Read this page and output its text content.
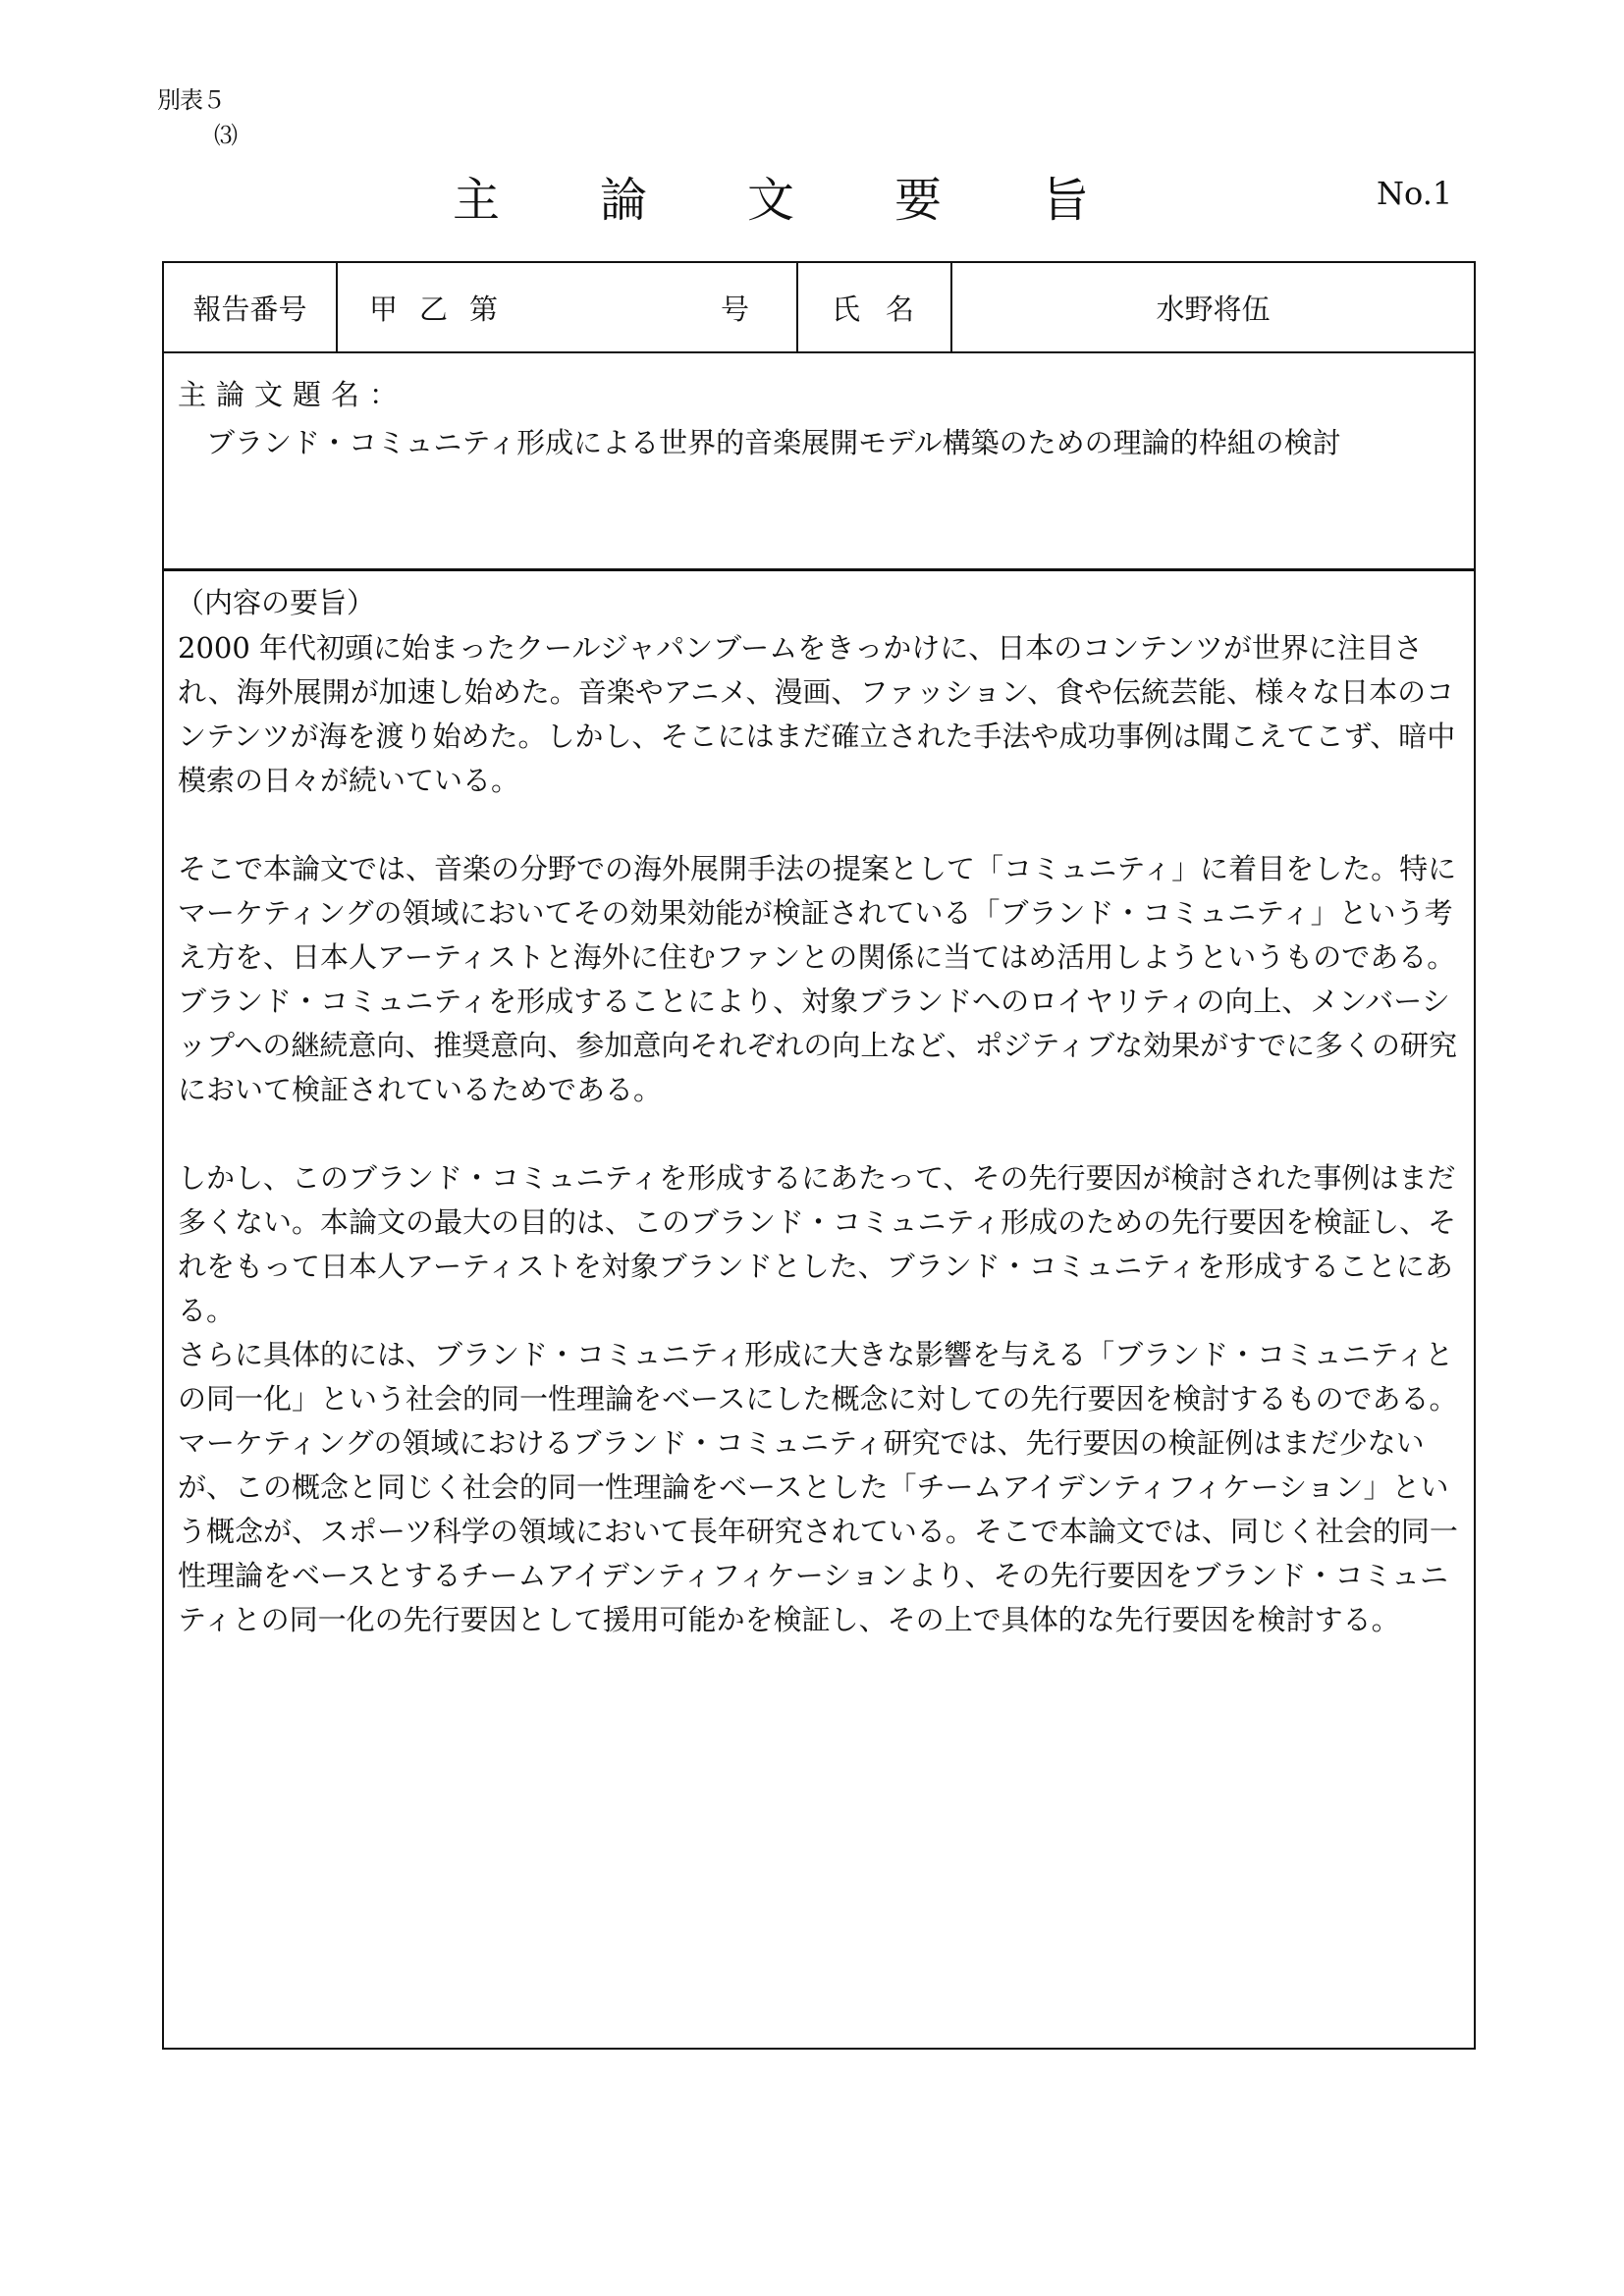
別表５
⑶
主 論 文 要 旨	No.1
報告番号	甲 乙 第	号	氏 名	水野将伍
主論文題名：
ブランド・コミュニティ形成による世界的音楽展開モデル構築のための理論的枠組の検討
（内容の要旨）

2000 年代初頭に始まったクールジャパンブームをきっかけに、日本のコンテンツが世界に注目され、海外展開が加速し始めた。音楽やアニメ、漫画、ファッション、食や伝統芸能、様々な日本のコンテンツが海を渡り始めた。しかし、そこにはまだ確立された手法や成功事例は聞こえてこず、暗中模索の日々が続いている。

そこで本論文では、音楽の分野での海外展開手法の提案として「コミュニティ」に着目をした。特にマーケティングの領域においてその効果効能が検証されている「ブランド・コミュニティ」という考え方を、日本人アーティストと海外に住むファンとの関係に当てはめ活用しようというものである。ブランド・コミュニティを形成することにより、対象ブランドへのロイヤリティの向上、メンバーシップへの継続意向、推奨意向、参加意向それぞれの向上など、ポジティブな効果がすでに多くの研究において検証されているためである。

しかし、このブランド・コミュニティを形成するにあたって、その先行要因が検討された事例はまだ多くない。本論文の最大の目的は、このブランド・コミュニティ形成のための先行要因を検証し、それをもって日本人アーティストを対象ブランドとした、ブランド・コミュニティを形成することにある。

さらに具体的には、ブランド・コミュニティ形成に大きな影響を与える「ブランド・コミュニティとの同一化」という社会的同一性理論をベースにした概念に対しての先行要因を検討するものである。マーケティングの領域におけるブランド・コミュニティ研究では、先行要因の検証例はまだ少ないが、この概念と同じく社会的同一性理論をベースとした「チームアイデンティフィケーション」という概念が、スポーツ科学の領域において長年研究されている。そこで本論文では、同じく社会的同一性理論をベースとするチームアイデンティフィケーションより、その先行要因をブランド・コミュニティとの同一化の先行要因として援用可能かを検証し、その上で具体的な先行要因を検討する。
